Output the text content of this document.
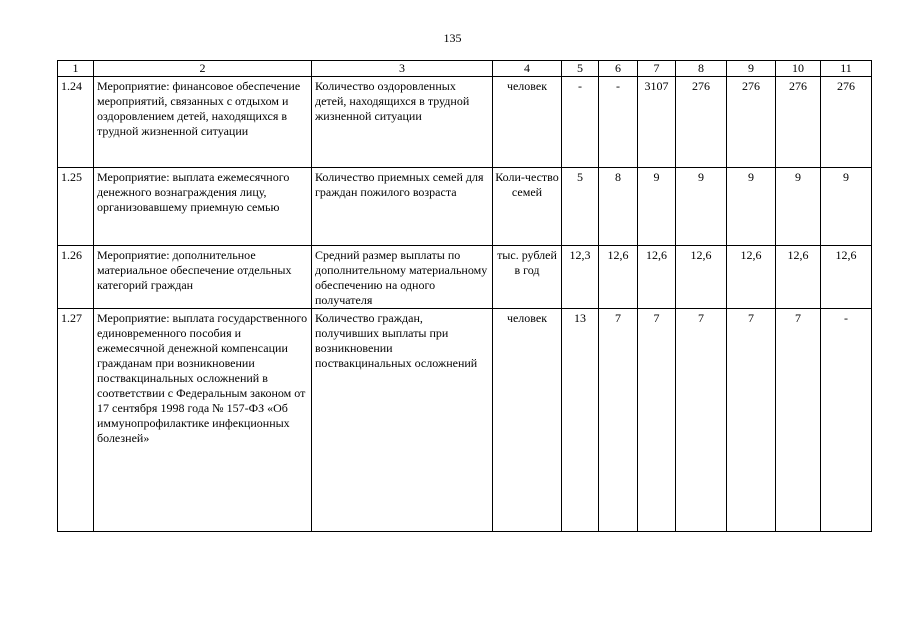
135
1	2	3	4	5	6	7	8	9	10	11
1.24	Мероприятие: финансовое обеспечение мероприятий, связанных с отдыхом и оздоровлением детей, находящихся в трудной жизненной ситуации	Количество оздоровленных детей, находящихся в трудной жизненной ситуации	человек	-	-	3107	276	276	276	276
1.25	Мероприятие: выплата ежемесячного денежного вознаграждения лицу, организовавшему приемную семью	Количество приемных семей для граждан пожилого возраста	Коли-чество семей	5	8	9	9	9	9	9
1.26	Мероприятие: дополнительное материальное обеспечение отдельных категорий граждан	Средний размер выплаты по дополнительному материальному обеспечению на одного получателя	тыс. рублей в год	12,3	12,6	12,6	12,6	12,6	12,6	12,6
1.27	Мероприятие: выплата государственного единовременного пособия и ежемесячной денежной компенсации гражданам при возникновении поствакцинальных осложнений в соответствии с Федеральным законом от 17 сентября 1998 года № 157-ФЗ «Об иммунопрофилактике инфекционных болезней»	Количество граждан, получивших выплаты при возникновении поствакцинальных осложнений	человек	13	7	7	7	7	7	-
